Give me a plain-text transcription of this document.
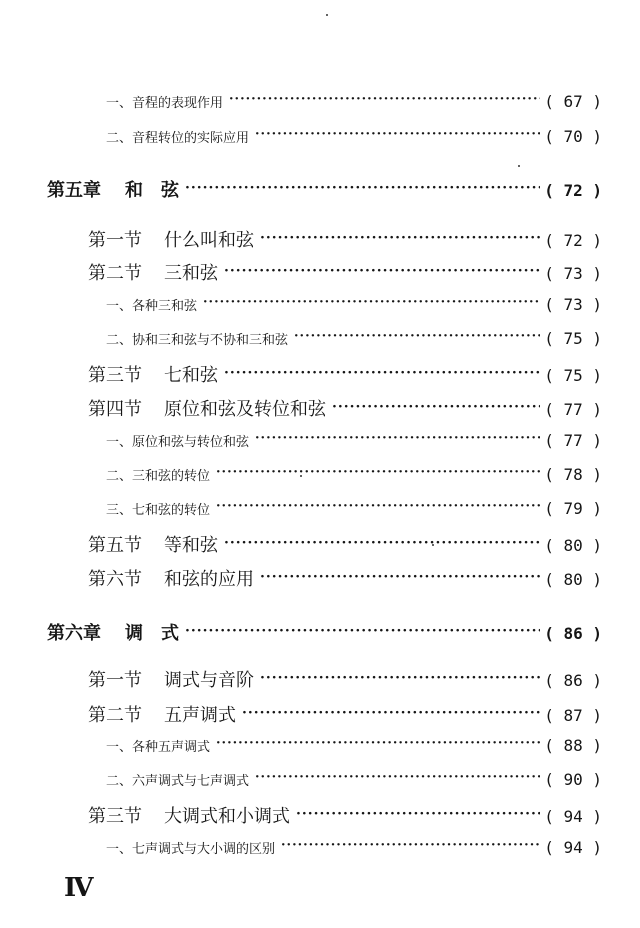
一、音程的表现作用 ·····	( 67 )
二、音程转位的实际应用 ·····	( 70 )
第五章 和　弦 ·····	( 72 )
第一节 什么叫和弦 ·····	( 72 )
第二节 三和弦 ·····	( 73 )
一、各种三和弦 ·····	( 73 )
二、协和三和弦与不协和三和弦 ·····	( 75 )
第三节 七和弦 ·····	( 75 )
第四节 原位和弦及转位和弦 ·····	( 77 )
一、原位和弦与转位和弦 ·····	( 77 )
二、三和弦的转位 ·····	( 78 )
三、七和弦的转位 ·····	( 79 )
第五节 等和弦 ·····	( 80 )
第六节 和弦的应用 ·····	( 80 )
第六章 调　式 ·····	( 86 )
第一节 调式与音阶 ·····	( 86 )
第二节 五声调式 ·····	( 87 )
一、各种五声调式 ·····	( 88 )
二、六声调式与七声调式 ·····	( 90 )
第三节 大调式和小调式 ·····	( 94 )
一、七声调式与大小调的区别 ·····	( 94 )
Ⅳ
